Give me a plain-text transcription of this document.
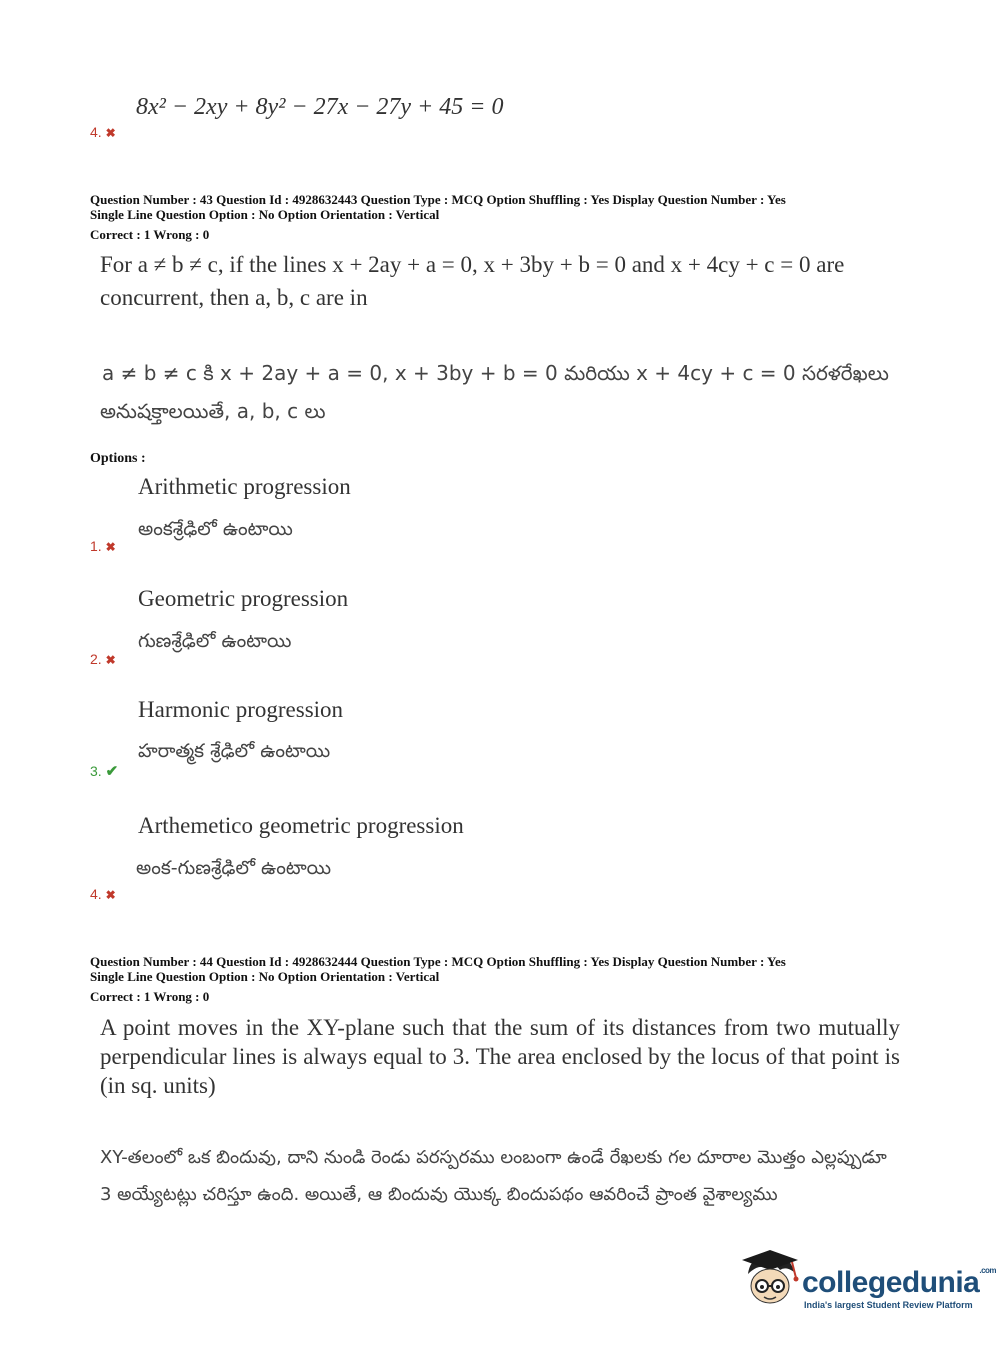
8x² − 2xy + 8y² − 27x − 27y + 45 = 0
4. ✖
Question Number : 43 Question Id : 4928632443 Question Type : MCQ Option Shuffling : Yes Display Question Number : Yes
Single Line Question Option : No Option Orientation : Vertical
Correct : 1 Wrong : 0
For a ≠ b ≠ c, if the lines x + 2ay + a = 0, x + 3by + b = 0 and x + 4cy + c = 0 are
concurrent, then a, b, c are in
a ≠ b ≠ c కి x + 2ay + a = 0, x + 3by + b = 0 మరియు x + 4cy + c = 0 సరళరేఖలు
అనుషక్తాలయితే, a, b, c లు
Options :
Arithmetic progression
అంకశ్రేఢిలో ఉంటాయి
1. ✖
Geometric progression
గుణశ్రేఢిలో ఉంటాయి
2. ✖
Harmonic progression
హరాత్మక శ్రేఢిలో ఉంటాయి
3. ✔
Arthemetico geometric progression
అంక-గుణశ్రేఢిలో ఉంటాయి
4. ✖
Question Number : 44 Question Id : 4928632444 Question Type : MCQ Option Shuffling : Yes Display Question Number : Yes
Single Line Question Option : No Option Orientation : Vertical
Correct : 1 Wrong : 0
A point moves in the XY-plane such that the sum of its distances from two mutually perpendicular lines is always equal to 3. The area enclosed by the locus of that point is (in sq. units)
XY-తలంలో ఒక బిందువు, దాని నుండి రెండు పరస్పరము లంబంగా ఉండే రేఖలకు గల దూరాల మొత్తం ఎల్లప్పుడూ 3 అయ్యేటట్లు చరిస్తూ ఉంది. అయితే, ఆ బిందువు యొక్క బిందుపథం ఆవరించే ప్రాంత వైశాల్యము
collegedunia$^{.com}$
India's largest Student Review Platform
